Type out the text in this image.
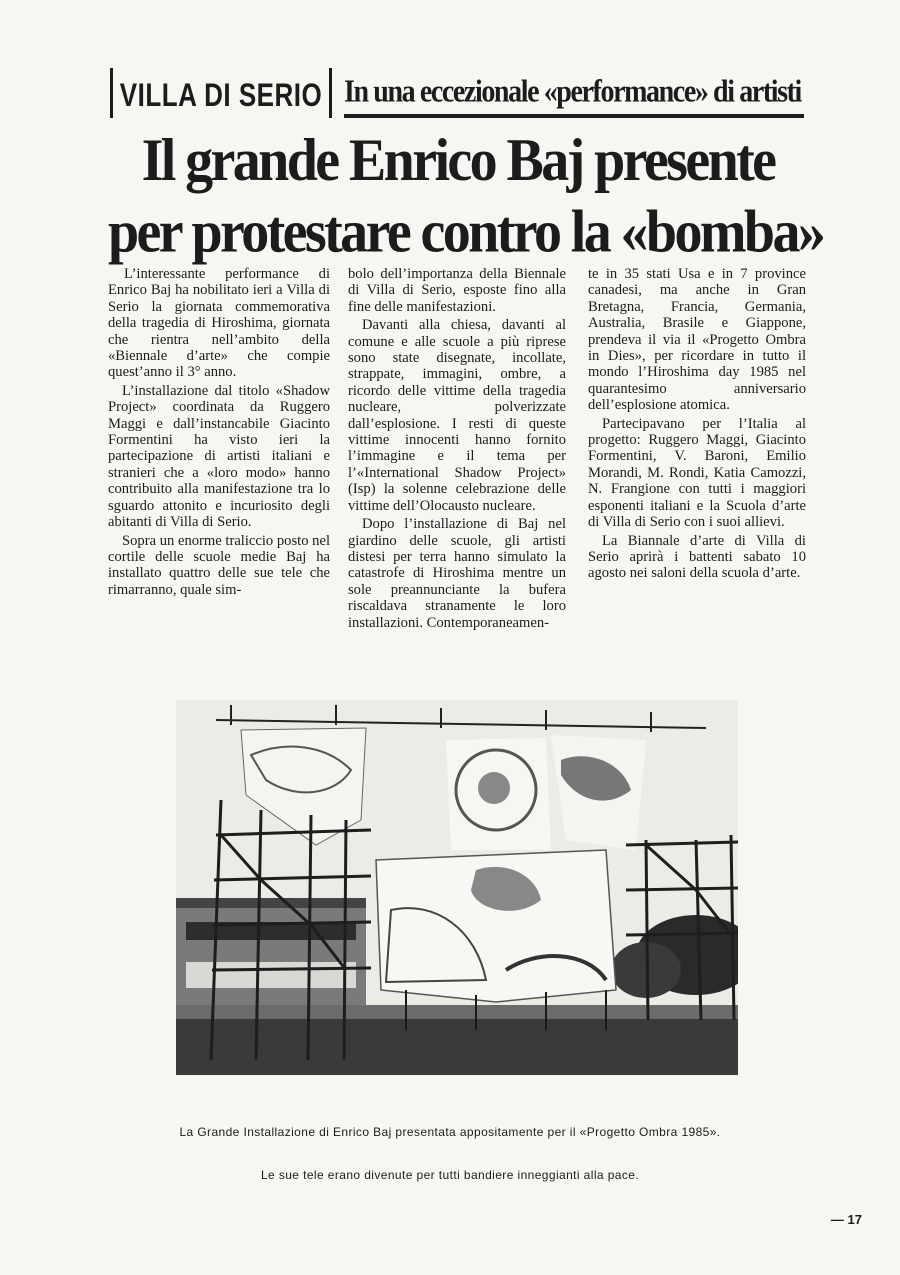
VILLA DI SERIO In una eccezionale «performance» di artisti
Il grande Enrico Baj presente
per protestare contro la «bomba»

L’interessante performance di Enrico Baj ha nobilitato ieri a Villa di Serio la giornata commemorativa della tragedia di Hiroshima, giornata che rientra nell’ambito della «Biennale d’arte» che compie quest’anno il 3° anno.

L’installazione dal titolo «Shadow Project» coordinata da Ruggero Maggi e dall’instancabile Giacinto Formentini ha visto ieri la partecipazione di artisti italiani e stranieri che a «loro modo» hanno contribuito alla manifestazione tra lo sguardo attonito e incuriosito degli abitanti di Villa di Serio.

Sopra un enorme traliccio posto nel cortile delle scuole medie Baj ha installato quattro delle sue tele che rimarranno, quale sim-

bolo dell’importanza della Biennale di Villa di Serio, esposte fino alla fine delle manifestazioni.

Davanti alla chiesa, davanti al comune e alle scuole a più riprese sono state disegnate, incollate, strappate, immagini, ombre, a ricordo delle vittime della tragedia nucleare, polverizzate dall’esplosione. I resti di queste vittime innocenti hanno fornito l’immagine e il tema per l’«International Shadow Project» (Isp) la solenne celebrazione delle vittime dell’Olocausto nucleare.

Dopo l’installazione di Baj nel giardino delle scuole, gli artisti distesi per terra hanno simulato la catastrofe di Hiroshima mentre un sole preannunciante la bufera riscaldava stranamente le loro installazioni. Contemporaneamen-

te in 35 stati Usa e in 7 province canadesi, ma anche in Gran Bretagna, Francia, Germania, Australia, Brasile e Giappone, prendeva il via il «Progetto Ombra in Dies», per ricordare in tutto il mondo l’Hiroshima day 1985 nel quarantesimo anniversario dell’esplosione atomica.

Partecipavano per l’Italia al progetto: Ruggero Maggi, Giacinto Formentini, V. Baroni, Emilio Morandi, M. Rondi, Katia Camozzi, N. Frangione con tutti i maggiori esponenti italiani e la Scuola d’arte di Villa di Serio con i suoi allievi.

La Biannale d’arte di Villa di Serio aprirà i battenti sabato 10 agosto nei saloni della scuola d’arte.

La Grande Installazione di Enrico Baj presentata appositamente per il «Progetto Ombra 1985».
Le sue tele erano divenute per tutti bandiere inneggianti alla pace.
— 17
